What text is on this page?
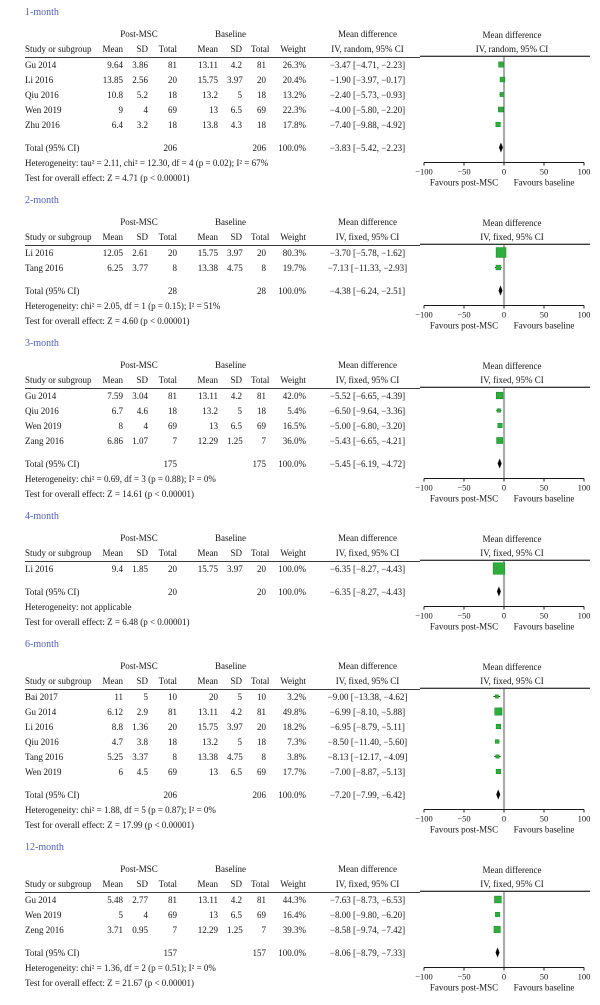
1-month
Post-MSC	Baseline	Mean difference
Study or subgroup	Mean	SD	Total	Mean	SD	Total	Weight	IV, random, 95% CI
Gu 2014	9.64	3.86	81	13.11	4.2	81	26.3%	−3.47 [−4.71, −2.23]
Li 2016	13.85	2.56	20	15.75	3.97	20	20.4%	−1.90 [−3.97, −0.17]
Qiu 2016	10.8	5.2	18	13.2	5	18	13.2%	−2.40 [−5.73, −0.93]
Wen 2019	9	4	69	13	6.5	69	22.3%	−4.00 [−5.80, −2.20]
Zhu 2016	6.4	3.2	18	13.8	4.3	18	17.8%	−7.40 [−9.88, −4.92]
Total (95% CI)	206	206	100.0%	−3.83 [−5.42, −2.23]
Heterogeneity: tau² = 2.11, chi² = 12.30, df = 4 (p = 0.02); I² = 67%
Test for overall effect: Z = 4.71 (p < 0.00001)
Mean difference
IV, random, 95% CI
−100	−50	0	50	100
Favours post-MSC Favours baseline
2-month
Post-MSC	Baseline	Mean difference
Study or subgroup	Mean	SD	Total	Mean	SD	Total	Weight	IV, fixed, 95% CI
Li 2016	12.05	2.61	20	15.75	3.97	20	80.3%	−3.70 [−5.78, −1.62]
Tang 2016	6.25	3.77	8	13.38	4.75	8	19.7%	−7.13 [−11.33, −2.93]
Total (95% CI)	28	28	100.0%	−4.38 [−6.24, −2.51]
Heterogeneity: chi² = 2.05, df = 1 (p = 0.15); I² = 51%
Test for overall effect: Z = 4.60 (p < 0.00001)
Mean difference
IV, fixed, 95% CI
−100	−50	0	50	100
Favours post-MSC Favours baseline
3-month
Post-MSC	Baseline	Mean difference
Study or subgroup	Mean	SD	Total	Mean	SD	Total	Weight	IV, fixed, 95% CI
Gu 2014	7.59	3.04	81	13.11	4.2	81	42.0%	−5.52 [−6.65, −4.39]
Qiu 2016	6.7	4.6	18	13.2	5	18	5.4%	−6.50 [−9.64, −3.36]
Wen 2019	8	4	69	13	6.5	69	16.5%	−5.00 [−6.80, −3.20]
Zang 2016	6.86	1.07	7	12.29	1.25	7	36.0%	−5.43 [−6.65, −4.21]
Total (95% CI)	175	175	100.0%	−5.45 [−6.19, −4.72]
Heterogeneity: chi² = 0.69, df = 3 (p = 0.88); I² = 0%
Test for overall effect: Z = 14.61 (p < 0.00001)
Mean difference
IV, fixed, 95% CI
−100	−50	0	50	100
Favours post-MSC Favours baseline
4-month
Post-MSC	Baseline	Mean difference
Study or subgroup	Mean	SD	Total	Mean	SD	Total	Weight	IV, fixed, 95% CI
Li 2016	9.4	1.85	20	15.75	3.97	20	100.0%	−6.35 [−8.27, −4.43]
Total (95% CI)	20	20	100.0%	−6.35 [−8.27, −4.43]
Heterogeneity: not applicable
Test for overall effect: Z = 6.48 (p < 0.00001)
Mean difference
IV, fixed, 95% CI
−100	−50	0	50	100
Favours post-MSC Favours baseline
6-month
Post-MSC	Baseline	Mean difference
Study or subgroup	Mean	SD	Total	Mean	SD	Total	Weight	IV, fixed, 95% CI
Bai 2017	11	5	10	20	5	10	3.2%	−9.00 [−13.38, −4.62]
Gu 2014	6.12	2.9	81	13.11	4.2	81	49.8%	−6.99 [−8.10, −5.88]
Li 2016	8.8	1.36	20	15.75	3.97	20	18.2%	−6.95 [−8.79, −5.11]
Qiu 2016	4.7	3.8	18	13.2	5	18	7.3%	−8.50 [−11.40, −5.60]
Tang 2016	5.25	3.37	8	13.38	4.75	8	3.8%	−8.13 [−12.17, −4.09]
Wen 2019	6	4.5	69	13	6.5	69	17.7%	−7.00 [−8.87, −5.13]
Total (95% CI)	206	206	100.0%	−7.20 [−7.99, −6.42]
Heterogeneity: chi² = 1.88, df = 5 (p = 0.87); I² = 0%
Test for overall effect: Z = 17.99 (p < 0.00001)
Mean difference
IV, fixed, 95% CI
−100	−50	0	50	100
Favours post-MSC Favours baseline
12-month
Post-MSC	Baseline	Mean difference
Study or subgroup	Mean	SD	Total	Mean	SD	Total	Weight	IV, fixed, 95% CI
Gu 2014	5.48	2.77	81	13.11	4.2	81	44.3%	−7.63 [−8.73, −6.53]
Wen 2019	5	4	69	13	6.5	69	16.4%	−8.00 [−9.80, −6.20]
Zeng 2016	3.71	0.95	7	12.29	1.25	7	39.3%	−8.58 [−9.74, −7.42]
Total (95% CI)	157	157	100.0%	−8.06 [−8.79, −7.33]
Heterogeneity: chi² = 1.36, df = 2 (p = 0.51); I² = 0%
Test for overall effect: Z = 21.67 (p < 0.00001)
Mean difference
IV, fixed, 95% CI
−100	−50	0	50	100
Favours post-MSC Favours baseline
